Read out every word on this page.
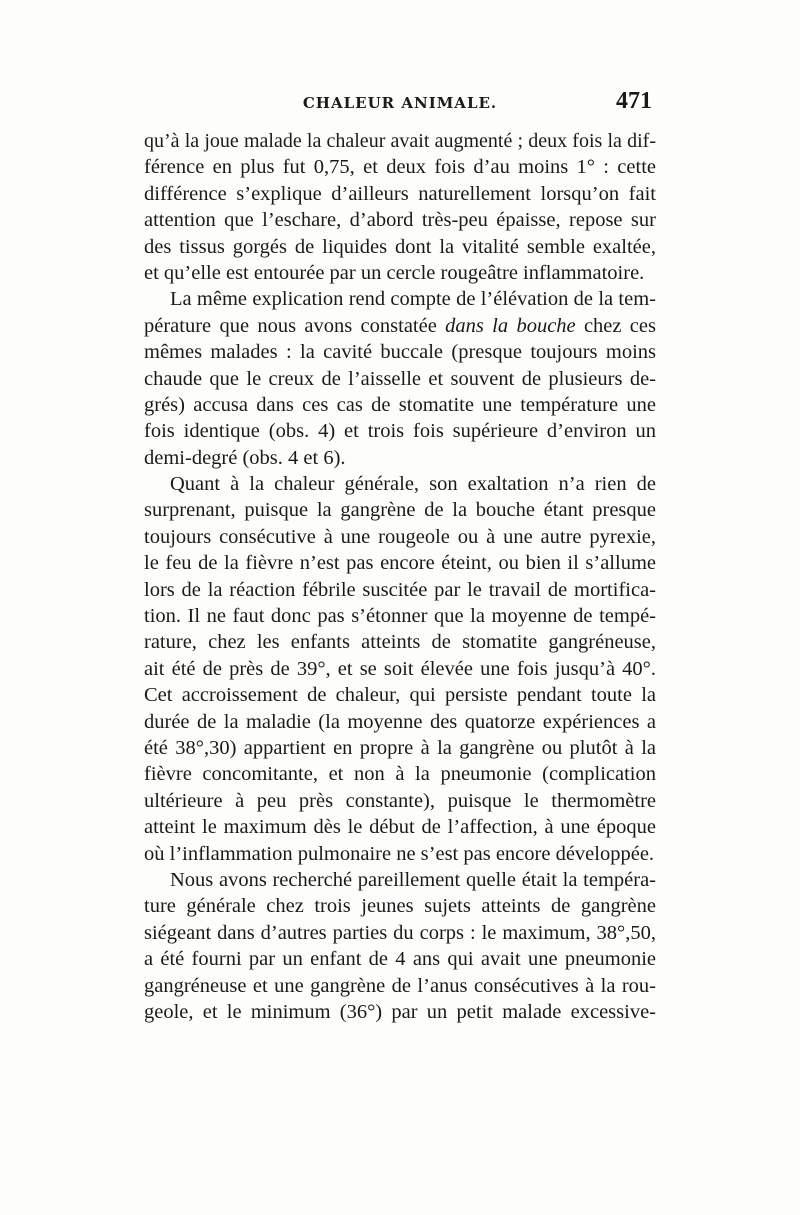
CHALEUR ANIMALE.	471
qu’à la joue malade la chaleur avait augmenté ; deux fois la dif-
férence en plus fut 0,75, et deux fois d’au moins 1° : cette
différence s’explique d’ailleurs naturellement lorsqu’on fait
attention que l’eschare, d’abord très-peu épaisse, repose sur
des tissus gorgés de liquides dont la vitalité semble exaltée,
et qu’elle est entourée par un cercle rougeâtre inflammatoire.
La même explication rend compte de l’élévation de la tem-
pérature que nous avons constatée dans la bouche chez ces
mêmes malades : la cavité buccale (presque toujours moins
chaude que le creux de l’aisselle et souvent de plusieurs de-
grés) accusa dans ces cas de stomatite une température une
fois identique (obs. 4) et trois fois supérieure d’environ un
demi-degré (obs. 4 et 6).
Quant à la chaleur générale, son exaltation n’a rien de
surprenant, puisque la gangrène de la bouche étant presque
toujours consécutive à une rougeole ou à une autre pyrexie,
le feu de la fièvre n’est pas encore éteint, ou bien il s’allume
lors de la réaction fébrile suscitée par le travail de mortifica-
tion. Il ne faut donc pas s’étonner que la moyenne de tempé-
rature, chez les enfants atteints de stomatite gangréneuse,
ait été de près de 39°, et se soit élevée une fois jusqu’à 40°.
Cet accroissement de chaleur, qui persiste pendant toute la
durée de la maladie (la moyenne des quatorze expériences a
été 38°,30) appartient en propre à la gangrène ou plutôt à la
fièvre concomitante, et non à la pneumonie (complication
ultérieure à peu près constante), puisque le thermomètre
atteint le maximum dès le début de l’affection, à une époque
où l’inflammation pulmonaire ne s’est pas encore développée.
Nous avons recherché pareillement quelle était la tempéra-
ture générale chez trois jeunes sujets atteints de gangrène
siégeant dans d’autres parties du corps : le maximum, 38°,50,
a été fourni par un enfant de 4 ans qui avait une pneumonie
gangréneuse et une gangrène de l’anus consécutives à la rou-
geole, et le minimum (36°) par un petit malade excessive-
